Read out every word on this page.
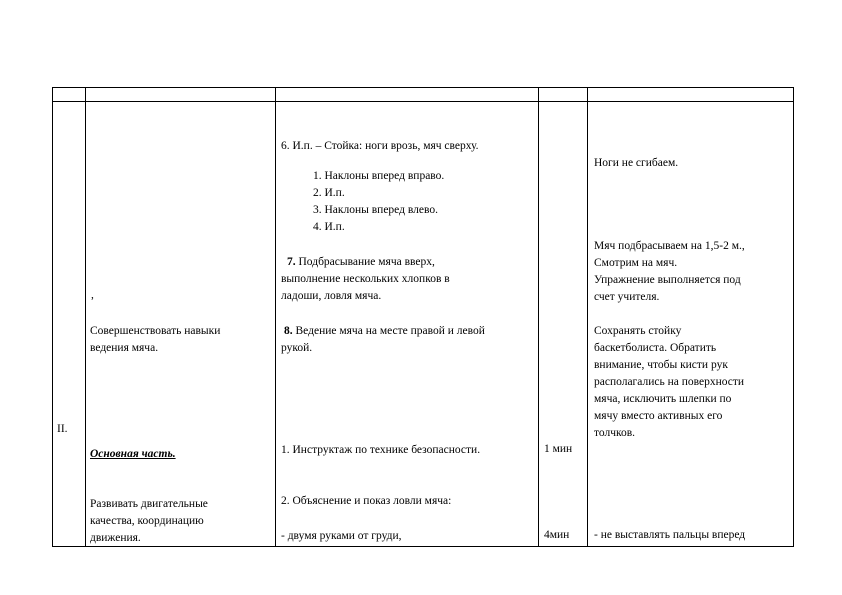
II.
,
Совершенствовать навыки
ведения мяча.
Основная часть.
Развивать двигательные
качества, координацию
движения.
6. И.п. – Стойка: ноги врозь, мяч сверху.
1. Наклоны вперед вправо.
2. И.п.
3. Наклоны вперед влево.
4. И.п.
7. Подбрасывание мяча вверх,
выполнение нескольких хлопков в
ладоши, ловля мяча.
8. Ведение мяча на месте правой и левой
рукой.
1. Инструктаж по технике безопасности.
2. Объяснение и показ ловли мяча:
- двумя руками от груди,
1 мин
4мин
Ноги не сгибаем.
Мяч подбрасываем на 1,5-2 м.,
Смотрим на мяч.
Упражнение выполняется под
счет учителя.
Сохранять стойку
баскетболиста. Обратить
внимание, чтобы кисти рук
располагались на поверхности
мяча, исключить шлепки по
мячу вместо активных его
толчков.
- не выставлять пальцы вперед
